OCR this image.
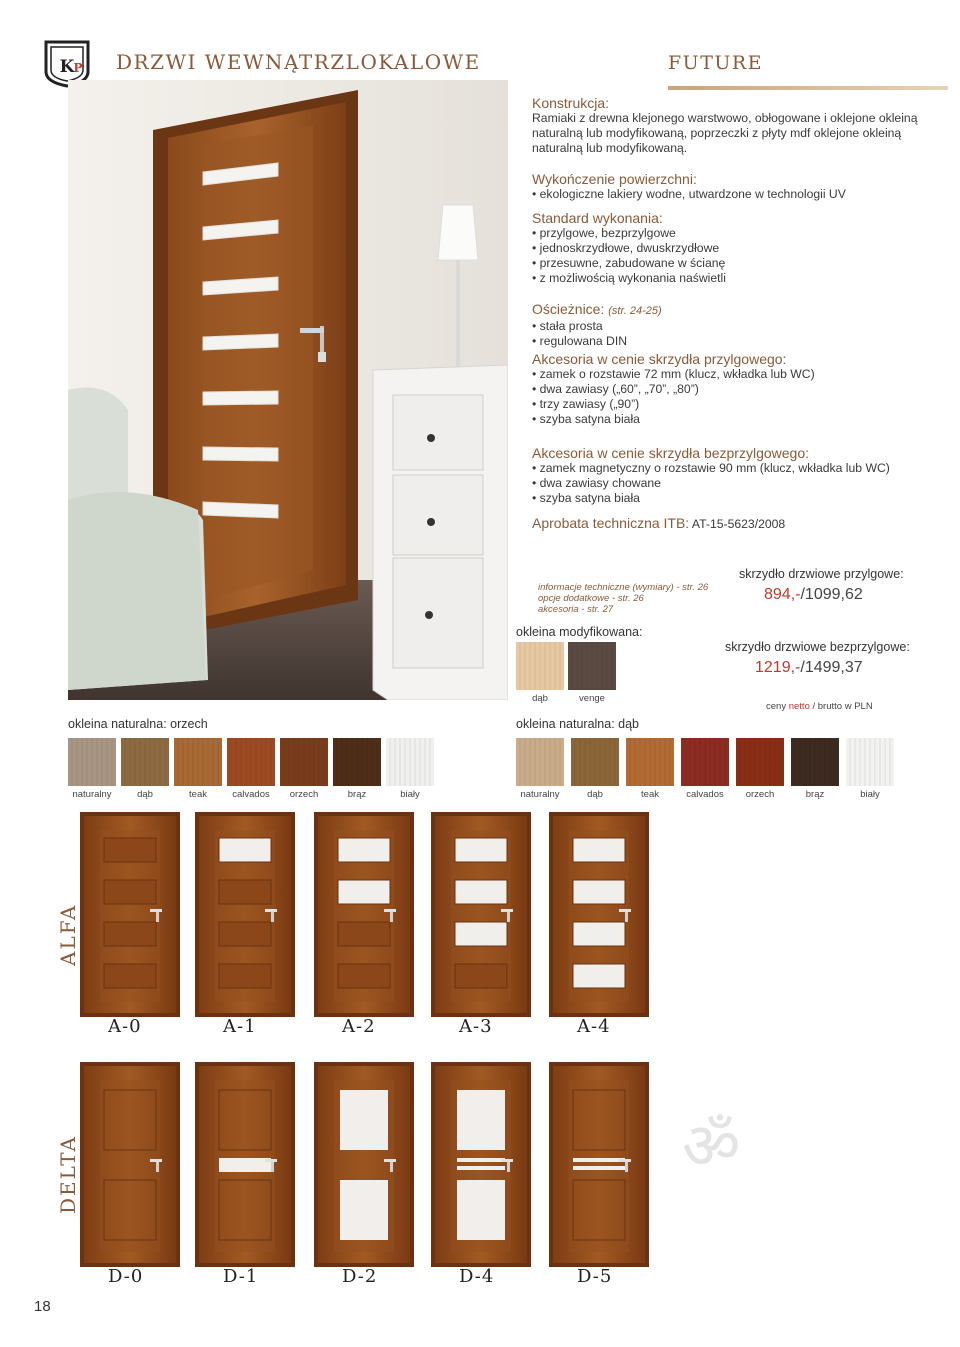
K P DRZWI WEWNĄTRZLOKALOWE	FUTURE
Konstrukcja:
Ramiaki z drewna klejonego warstwowo, obłogowane i oklejone okleiną naturalną lub modyfikowaną, poprzeczki z płyty mdf oklejone okleiną naturalną lub modyfikowaną.
Wykończenie powierzchni:
• ekologiczne lakiery wodne, utwardzone w technologii UV
Standard wykonania:
• przylgowe, bezprzylgowe
• jednoskrzydłowe, dwuskrzydłowe
• przesuwne, zabudowane w ścianę
• z możliwością wykonania naświetli
Ościeżnice: (str. 24-25)
• stała prosta
• regulowana DIN
Akcesoria w cenie skrzydła przylgowego:
• zamek o rozstawie 72 mm (klucz, wkładka lub WC)
• dwa zawiasy („60”, „70”, „80”)
• trzy zawiasy („90”)
• szyba satyna biała
Akcesoria w cenie skrzydła bezprzylgowego:
• zamek magnetyczny o rozstawie 90 mm (klucz, wkładka lub WC)
• dwa zawiasy chowane
• szyba satyna biała
Aprobata techniczna ITB: AT-15-5623/2008
informacje techniczne (wymiary) - str. 26
opcje dodatkowe - str. 26
akcesoria - str. 27
skrzydło drzwiowe przylgowe:
894,-/1099,62
skrzydło drzwiowe bezprzylgowe:
1219,-/1499,37
ceny netto / brutto w PLN
okleina modyfikowana:
dąb	venge
okleina naturalna: orzech
naturalny	dąb	teak	calvados	orzech	brąz	biały
okleina naturalna: dąb
naturalny	dąb	teak	calvados	orzech	brąz	biały
ALFA
A-0	A-1	A-2	A-3	A-4
DELTA
D-0	D-1	D-2	D-4	D-5
ॐ
18
